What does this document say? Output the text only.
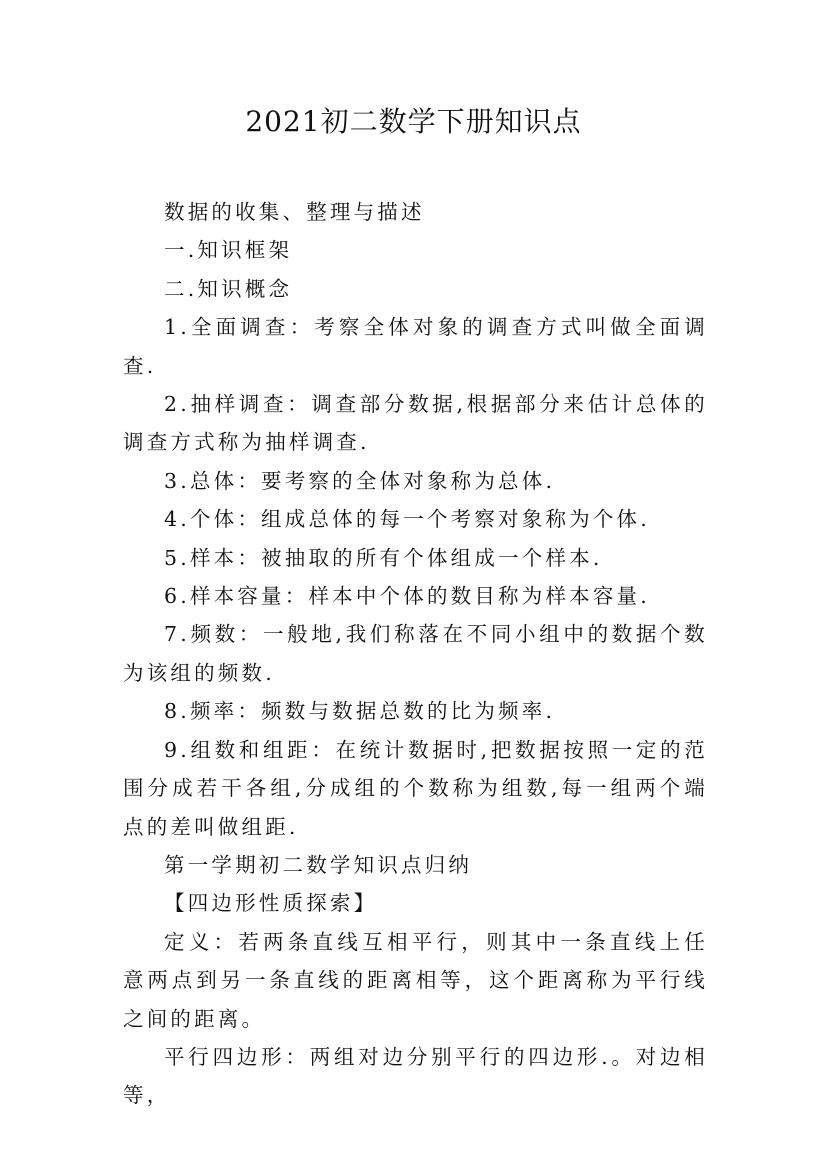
2021初二数学下册知识点

数据的收集、整理与描述

一.知识框架

二.知识概念

1.全面调查：考察全体对象的调查方式叫做全面调查.

2.抽样调查：调查部分数据,根据部分来估计总体的调查方式称为抽样调查.

3.总体：要考察的全体对象称为总体.

4.个体：组成总体的每一个考察对象称为个体.

5.样本：被抽取的所有个体组成一个样本.

6.样本容量：样本中个体的数目称为样本容量.

7.频数：一般地,我们称落在不同小组中的数据个数为该组的频数.

8.频率：频数与数据总数的比为频率.

9.组数和组距：在统计数据时,把数据按照一定的范围分成若干各组,分成组的个数称为组数,每一组两个端点的差叫做组距.

第一学期初二数学知识点归纳

【四边形性质探索】

定义：若两条直线互相平行，则其中一条直线上任意两点到另一条直线的距离相等，这个距离称为平行线之间的距离。

平行四边形：两组对边分别平行的四边形.。对边相等，
